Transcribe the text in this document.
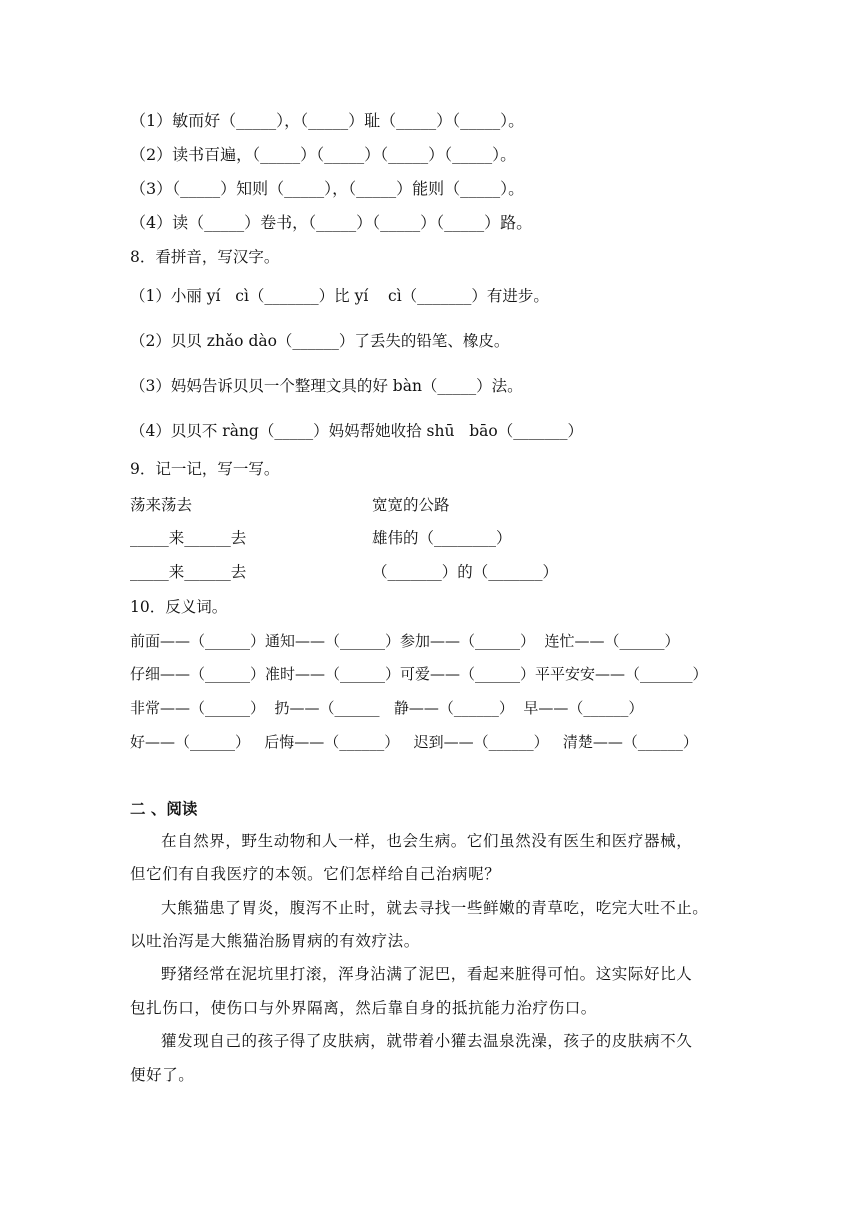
（1）敏而好（_____），（_____）耻（_____）（_____）。
（2）读书百遍，（_____）（_____）（_____）（_____）。
（3）（_____）知则（_____），（_____）能则（_____）。
（4）读（_____）卷书，（_____）（_____）（_____）路。
8．看拼音，写汉字。
（1）小丽 yí   cì（_______）比 yí    cì（_______）有进步。
（2）贝贝 zhǎo dào（______）了丢失的铅笔、橡皮。
（3）妈妈告诉贝贝一个整理文具的好 bàn（_____）法。
（4）贝贝不 ràng（_____）妈妈帮她收拾 shū   bāo（_______）
9．记一记，写一写。
荡来荡去
_____来______去
_____来______去
宽宽的公路
雄伟的（________）
（_______）的（_______）
10．反义词。
前面——（______）通知——（______）参加——（______）  连忙——（______）
仔细——（______）准时——（______）可爱——（______）平平安安——（_______）
非常——（______）  扔——（______   静——（______）  早——（______）
好——（______）   后悔——（______）   迟到——（______）   清楚——（______）
二 、阅读
在自然界，野生动物和人一样，也会生病。它们虽然没有医生和医疗器械，
但它们有自我医疗的本领。它们怎样给自己治病呢？
大熊猫患了胃炎，腹泻不止时，就去寻找一些鲜嫩的青草吃，吃完大吐不止。
以吐治泻是大熊猫治肠胃病的有效疗法。
野猪经常在泥坑里打滚，浑身沾满了泥巴，看起来脏得可怕。这实际好比人
包扎伤口，使伤口与外界隔离，然后靠自身的抵抗能力治疗伤口。
獾发现自己的孩子得了皮肤病，就带着小獾去温泉洗澡，孩子的皮肤病不久
便好了。
